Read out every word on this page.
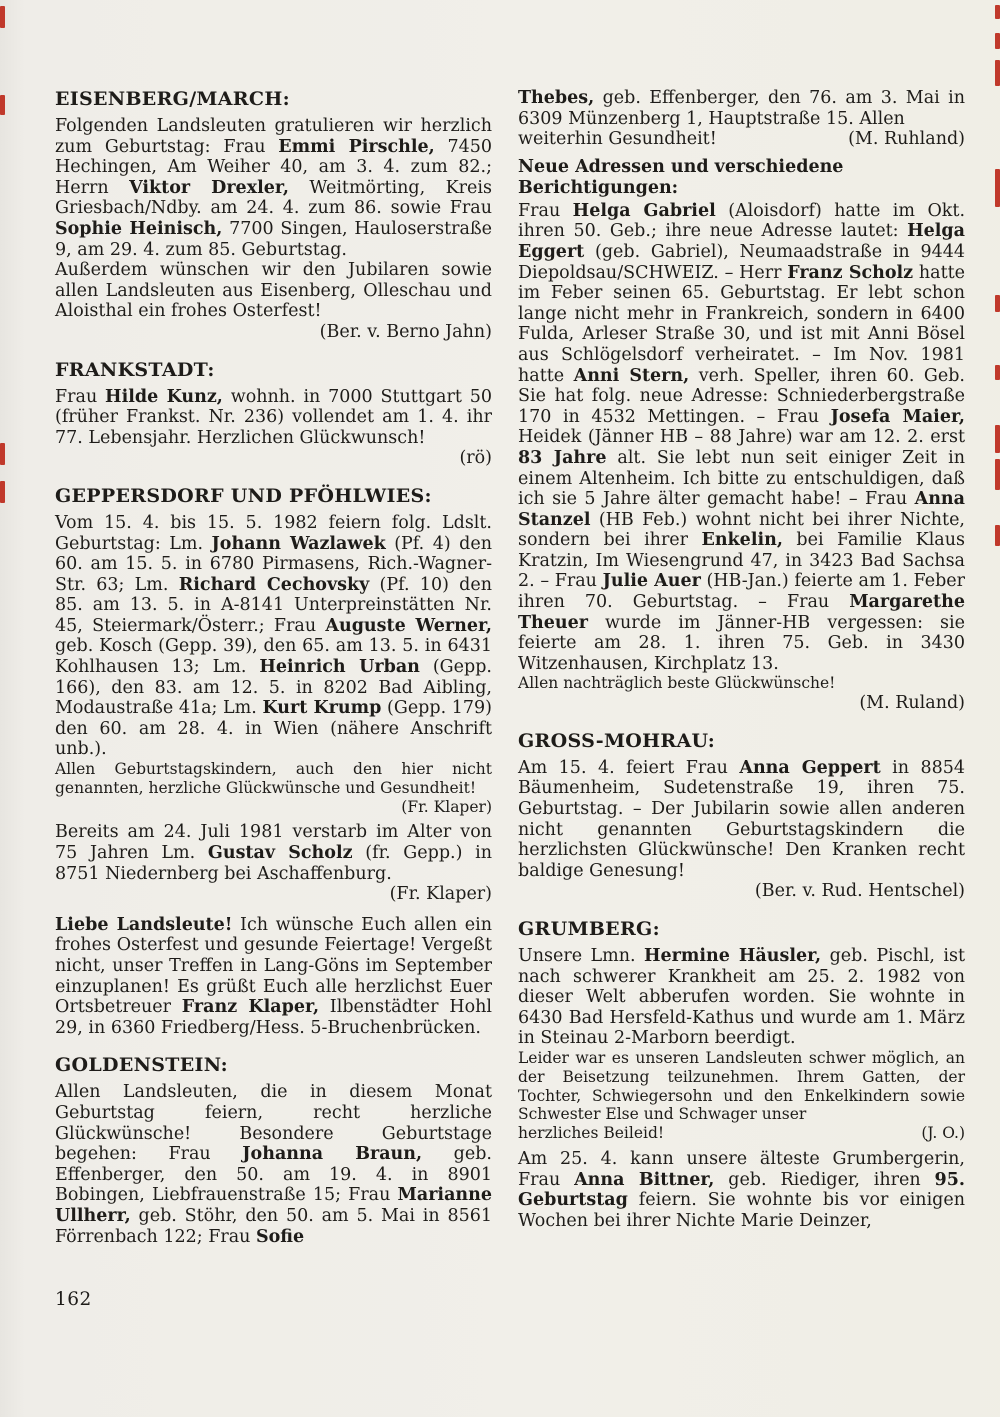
EISENBERG/MARCH:

Folgenden Landsleuten gratulieren wir herzlich zum Geburtstag: Frau Emmi Pirschle, 7450 Hechingen, Am Weiher 40, am 3. 4. zum 82.; Herrn Viktor Drexler, Weitmörting, Kreis Griesbach/Ndby. am 24. 4. zum 86. sowie Frau Sophie Heinisch, 7700 Singen, Hauloserstraße 9, am 29. 4. zum 85. Geburtstag.

Außerdem wünschen wir den Jubilaren sowie allen Landsleuten aus Eisenberg, Olleschau und Aloisthal ein frohes Osterfest!

(Ber. v. Berno Jahn)
FRANKSTADT:

Frau Hilde Kunz, wohnh. in 7000 Stuttgart 50 (früher Frankst. Nr. 236) vollendet am 1. 4. ihr 77. Lebensjahr. Herzlichen Glückwunsch!

(rö)
GEPPERSDORF UND PFÖHLWIES:

Vom 15. 4. bis 15. 5. 1982 feiern folg. Ldslt. Geburtstag: Lm. Johann Wazlawek (Pf. 4) den 60. am 15. 5. in 6780 Pirmasens, Rich.-Wagner-Str. 63; Lm. Richard Cechovsky (Pf. 10) den 85. am 13. 5. in A-8141 Unterpreinstätten Nr. 45, Steiermark/Österr.; Frau Auguste Werner, geb. Kosch (Gepp. 39), den 65. am 13. 5. in 6431 Kohlhausen 13; Lm. Heinrich Urban (Gepp. 166), den 83. am 12. 5. in 8202 Bad Aibling, Modaustraße 41a; Lm. Kurt Krump (Gepp. 179) den 60. am 28. 4. in Wien (nähere Anschrift unb.).

Allen Geburtstagskindern, auch den hier nicht genannten, herzliche Glückwünsche und Gesundheit!

(Fr. Klaper)

Bereits am 24. Juli 1981 verstarb im Alter von 75 Jahren Lm. Gustav Scholz (fr. Gepp.) in 8751 Niedernberg bei Aschaffenburg.

(Fr. Klaper)

Liebe Landsleute! Ich wünsche Euch allen ein frohes Osterfest und gesunde Feiertage! Vergeßt nicht, unser Treffen in Lang-Göns im September einzuplanen! Es grüßt Euch alle herzlichst Euer Ortsbetreuer Franz Klaper, Ilbenstädter Hohl 29, in 6360 Friedberg/Hess. 5-Bruchenbrücken.

GOLDENSTEIN:

Allen Landsleuten, die in diesem Monat Geburtstag feiern, recht herzliche Glückwünsche! Besondere Geburtstage begehen: Frau Johanna Braun, geb. Effenberger, den 50. am 19. 4. in 8901 Bobingen, Liebfrauenstraße 15; Frau Marianne Ullherr, geb. Stöhr, den 50. am 5. Mai in 8561 Förrenbach 122; Frau Sofie

Thebes, geb. Effenberger, den 76. am 3. Mai in 6309 Münzenberg 1, Hauptstraße 15. Allen

weiterhin Gesundheit!	(M. Ruhland)
Neue Adressen und verschiedene Berichtigungen:

Frau Helga Gabriel (Aloisdorf) hatte im Okt. ihren 50. Geb.; ihre neue Adresse lautet: Helga Eggert (geb. Gabriel), Neumaadstraße in 9444 Diepoldsau/SCHWEIZ. – Herr Franz Scholz hatte im Feber seinen 65. Geburtstag. Er lebt schon lange nicht mehr in Frankreich, sondern in 6400 Fulda, Arleser Straße 30, und ist mit Anni Bösel aus Schlögelsdorf verheiratet. – Im Nov. 1981 hatte Anni Stern, verh. Speller, ihren 60. Geb. Sie hat folg. neue Adresse: Schniederbergstraße 170 in 4532 Mettingen. – Frau Josefa Maier, Heidek (Jänner HB – 88 Jahre) war am 12. 2. erst 83 Jahre alt. Sie lebt nun seit einiger Zeit in einem Altenheim. Ich bitte zu entschuldigen, daß ich sie 5 Jahre älter gemacht habe! – Frau Anna Stanzel (HB Feb.) wohnt nicht bei ihrer Nichte, sondern bei ihrer Enkelin, bei Familie Klaus Kratzin, Im Wiesengrund 47, in 3423 Bad Sachsa 2. – Frau Julie Auer (HB-Jan.) feierte am 1. Feber ihren 70. Geburtstag. – Frau Margarethe Theuer wurde im Jänner-HB vergessen: sie feierte am 28. 1. ihren 75. Geb. in 3430 Witzenhausen, Kirchplatz 13.

Allen nachträglich beste Glückwünsche!

(M. Ruland)
GROSS-MOHRAU:

Am 15. 4. feiert Frau Anna Geppert in 8854 Bäumenheim, Sudetenstraße 19, ihren 75. Geburtstag. – Der Jubilarin sowie allen anderen nicht genannten Geburtstagskindern die herzlichsten Glückwünsche! Den Kranken recht baldige Genesung!

(Ber. v. Rud. Hentschel)
GRUMBERG:

Unsere Lmn. Hermine Häusler, geb. Pischl, ist nach schwerer Krankheit am 25. 2. 1982 von dieser Welt abberufen worden. Sie wohnte in 6430 Bad Hersfeld-Kathus und wurde am 1. März in Steinau 2-Marborn beerdigt.

Leider war es unseren Landsleuten schwer möglich, an der Beisetzung teilzunehmen. Ihrem Gatten, der Tochter, Schwiegersohn und den Enkelkindern sowie Schwester Else und Schwager unser

herzliches Beileid!	(J. O.)

Am 25. 4. kann unsere älteste Grumbergerin, Frau Anna Bittner, geb. Riediger, ihren 95. Geburtstag feiern. Sie wohnte bis vor einigen Wochen bei ihrer Nichte Marie Deinzer,

162
